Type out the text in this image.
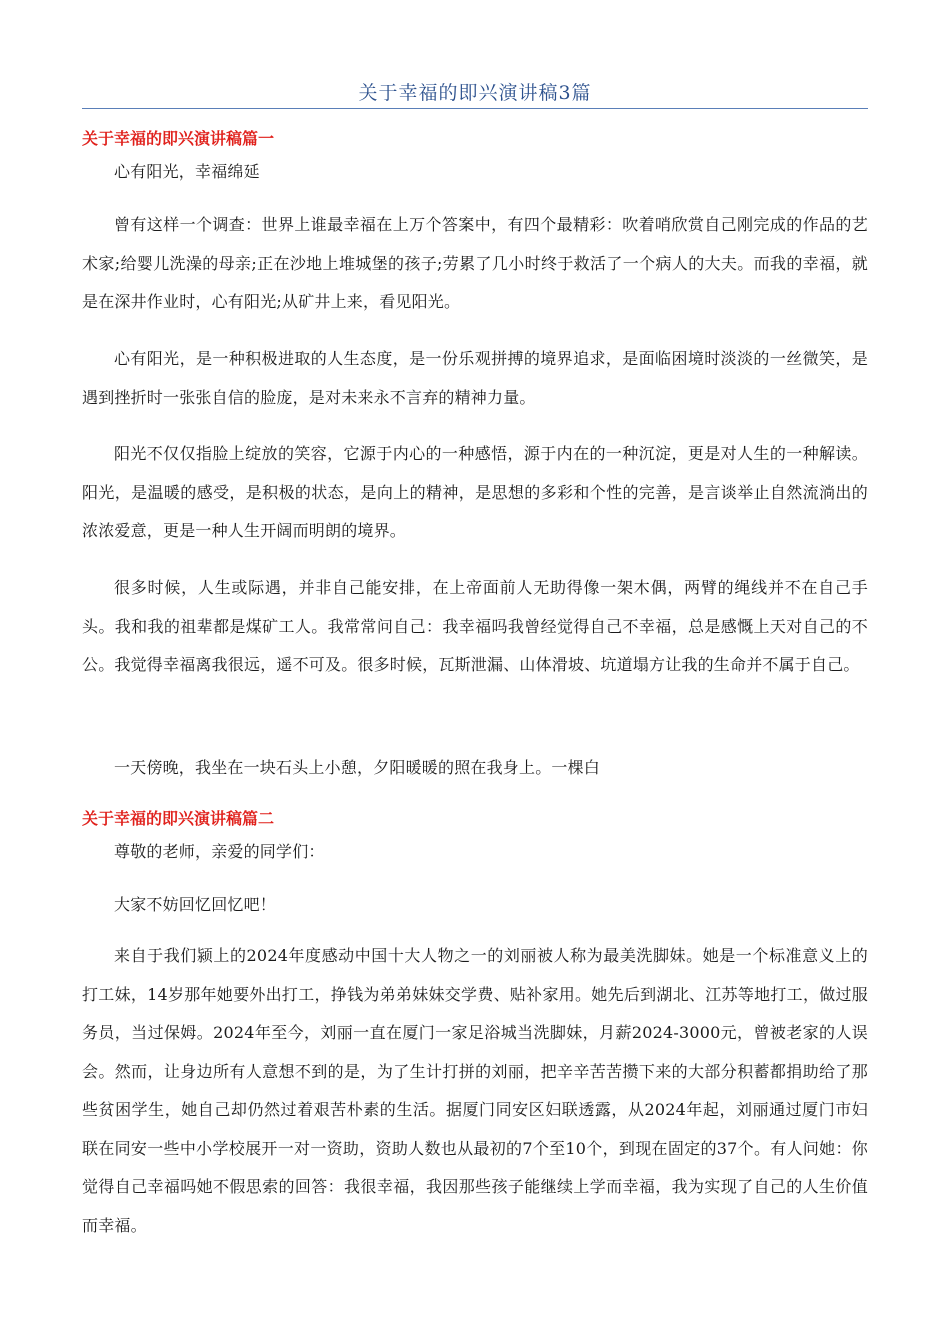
关于幸福的即兴演讲稿3篇
关于幸福的即兴演讲稿篇一

心有阳光，幸福绵延

曾有这样一个调查：世界上谁最幸福在上万个答案中，有四个最精彩：吹着哨欣赏自己刚完成的作品的艺术家;给婴儿洗澡的母亲;正在沙地上堆城堡的孩子;劳累了几小时终于救活了一个病人的大夫。而我的幸福，就是在深井作业时，心有阳光;从矿井上来，看见阳光。

心有阳光，是一种积极进取的人生态度，是一份乐观拼搏的境界追求，是面临困境时淡淡的一丝微笑，是遇到挫折时一张张自信的脸庞，是对未来永不言弃的精神力量。

阳光不仅仅指脸上绽放的笑容，它源于内心的一种感悟，源于内在的一种沉淀，更是对人生的一种解读。阳光，是温暖的感受，是积极的状态，是向上的精神，是思想的多彩和个性的完善，是言谈举止自然流淌出的浓浓爱意，更是一种人生开阔而明朗的境界。

很多时候，人生或际遇，并非自己能安排，在上帝面前人无助得像一架木偶，两臂的绳线并不在自己手头。我和我的祖辈都是煤矿工人。我常常问自己：我幸福吗我曾经觉得自己不幸福，总是感慨上天对自己的不公。我觉得幸福离我很远，遥不可及。很多时候，瓦斯泄漏、山体滑坡、坑道塌方让我的生命并不属于自己。

一天傍晚，我坐在一块石头上小憩，夕阳暖暖的照在我身上。一棵白

关于幸福的即兴演讲稿篇二

尊敬的老师，亲爱的同学们：

大家不妨回忆回忆吧！

来自于我们颍上的2024年度感动中国十大人物之一的刘丽被人称为最美洗脚妹。她是一个标准意义上的打工妹，14岁那年她要外出打工，挣钱为弟弟妹妹交学费、贴补家用。她先后到湖北、江苏等地打工，做过服务员，当过保姆。2024年至今，刘丽一直在厦门一家足浴城当洗脚妹，月薪2024-3000元，曾被老家的人误会。然而，让身边所有人意想不到的是，为了生计打拼的刘丽，把辛辛苦苦攒下来的大部分积蓄都捐助给了那些贫困学生，她自己却仍然过着艰苦朴素的生活。据厦门同安区妇联透露，从2024年起，刘丽通过厦门市妇联在同安一些中小学校展开一对一资助，资助人数也从最初的7个至10个，到现在固定的37个。有人问她：你觉得自己幸福吗她不假思索的回答：我很幸福，我因那些孩子能继续上学而幸福，我为实现了自己的人生价值而幸福。
